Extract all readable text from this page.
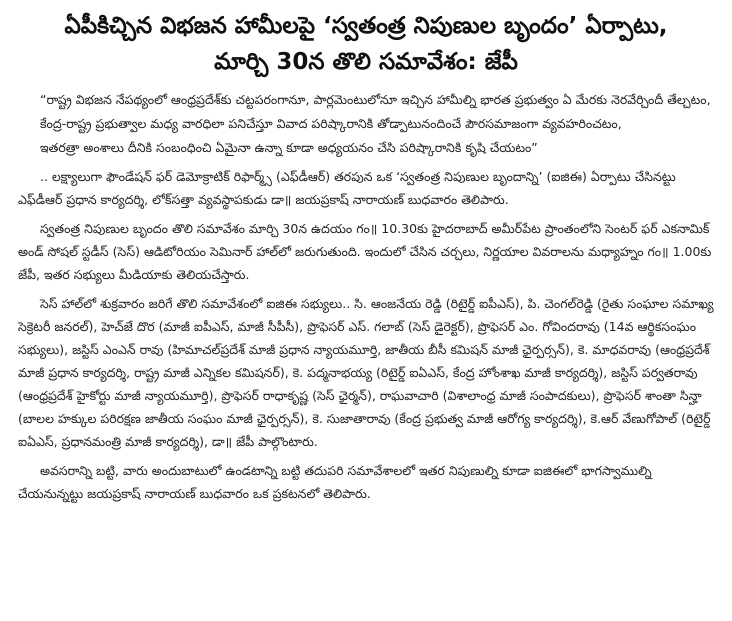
ఏపీకిచ్చిన విభజన హామీలపై ‘స్వతంత్ర నిపుణుల బృందం’ ఏర్పాటు,
మార్చి 30న తొలి సమావేశం: జేపీ

“రాష్ట్ర విభజన నేపథ్యంలో ఆంధ్రప్రదేశ్‌కు చట్టపరంగానూ, పార్లమెంటులోనూ ఇచ్చిన హామీల్ని భారత ప్రభుత్వం ఏ మేరకు నెరవేర్చిందీ తేల్చటం,

కేంద్ర-రాష్ట్ర ప్రభుత్వాల మధ్య వారధిలా పనిచేస్తూ వివాద పరిష్కారానికి తోడ్పాటునందించే పౌరసమాజంగా వ్యవహరించటం,

ఇతరత్రా అంశాలు దీనికి సంబంధించి ఏమైనా ఉన్నా కూడా అధ్యయనం చేసి పరిష్కారానికి కృషి చేయటం”

.. లక్ష్యాలుగా ఫౌండేషన్ ఫర్ డెమోక్రాటిక్ రిఫార్మ్స్ (ఎఫ్‌డీఆర్) తరపున ఒక ‘స్వతంత్ర నిపుణుల బృందాన్ని’ (ఐజిఈ) ఏర్పాటు చేసినట్టు ఎఫ్‌డీఆర్ ప్రధాన కార్యదర్శి, లోక్‌సత్తా వ్యవస్థాపకుడు డా॥ జయప్రకాష్ నారాయణ్ బుధవారం తెలిపారు.

స్వతంత్ర నిపుణుల బృందం తొలి సమావేశం మార్చి 30న ఉదయం గం॥ 10.30కు హైదరాబాద్ అమీర్‌పేట ప్రాంతంలోని సెంటర్ ఫర్ ఎకనామిక్ అండ్ సోషల్ స్టడీస్ (సెస్) ఆడిటోరియం సెమినార్ హాల్‌లో జరుగుతుంది. ఇందులో చేసిన చర్చలు, నిర్ణయాల వివరాలను మధ్యాహ్నం గం॥ 1.00కు జేపీ, ఇతర సభ్యులు మీడియాకు తెలియచేస్తారు.

సెస్ హాల్‌లో శుక్రవారం జరిగే తొలి సమావేశంలో ఐజిఈ సభ్యులు.. సి. ఆంజనేయ రెడ్డి (రిటైర్డ్ ఐపీఎస్), పి. చెంగల్‌రెడ్డి (రైతు సంఘాల సమాఖ్య సెక్రెటరీ జనరల్), హెచ్‌జే దొర (మాజీ ఐపీఎస్, మాజీ సీపీసీ), ప్రొఫెసర్ ఎస్. గలాబ్ (సెస్ డైరెక్టర్), ప్రొఫెసర్ ఎం. గోవిందరావు (14వ ఆర్థికసంఘం సభ్యులు), జస్టిస్ ఎంఎన్ రావు (హిమాచల్‌ప్రదేశ్ మాజీ ప్రధాన న్యాయమూర్తి, జాతీయ బీసీ కమిషన్ మాజీ ఛైర్పర్సన్), కె. మాధవరావు (ఆంధ్రప్రదేశ్ మాజీ ప్రధాన కార్యదర్శి, రాష్ట్ర మాజీ ఎన్నికల కమిషనర్), కె. పద్మనాభయ్య (రిటైర్డ్ ఐఏఎస్, కేంద్ర హోంశాఖ మాజీ కార్యదర్శి), జస్టిస్ పర్వతరావు (ఆంధ్రప్రదేశ్ హైకోర్టు మాజీ న్యాయమూర్తి), ప్రొఫెసర్ రాధాకృష్ణ (సెస్ ఛైర్మన్), రాఘవాచారి (విశాలాంధ్ర మాజీ సంపాదకులు), ప్రొఫెసర్ శాంతా సిన్హా (బాలల హక్కుల పరిరక్షణ జాతీయ సంఘం మాజీ ఛైర్పర్సన్), కె. సుజాతారావు (కేంద్ర ప్రభుత్వ మాజీ ఆరోగ్య కార్యదర్శి), కె.ఆర్ వేణుగోపాల్ (రిటైర్డ్ ఐఏఎస్, ప్రధానమంత్రి మాజీ కార్యదర్శి), డా॥ జేపీ పాల్గొంటారు.

అవసరాన్ని బట్టి, వారు అందుబాటులో ఉండటాన్ని బట్టి తదుపరి సమావేశాలలో ఇతర నిపుణుల్ని కూడా ఐజిఈలో భాగస్వాముల్ని చేయనున్నట్టు జయప్రకాష్ నారాయణ్ బుధవారం ఒక ప్రకటనలో తెలిపారు.
